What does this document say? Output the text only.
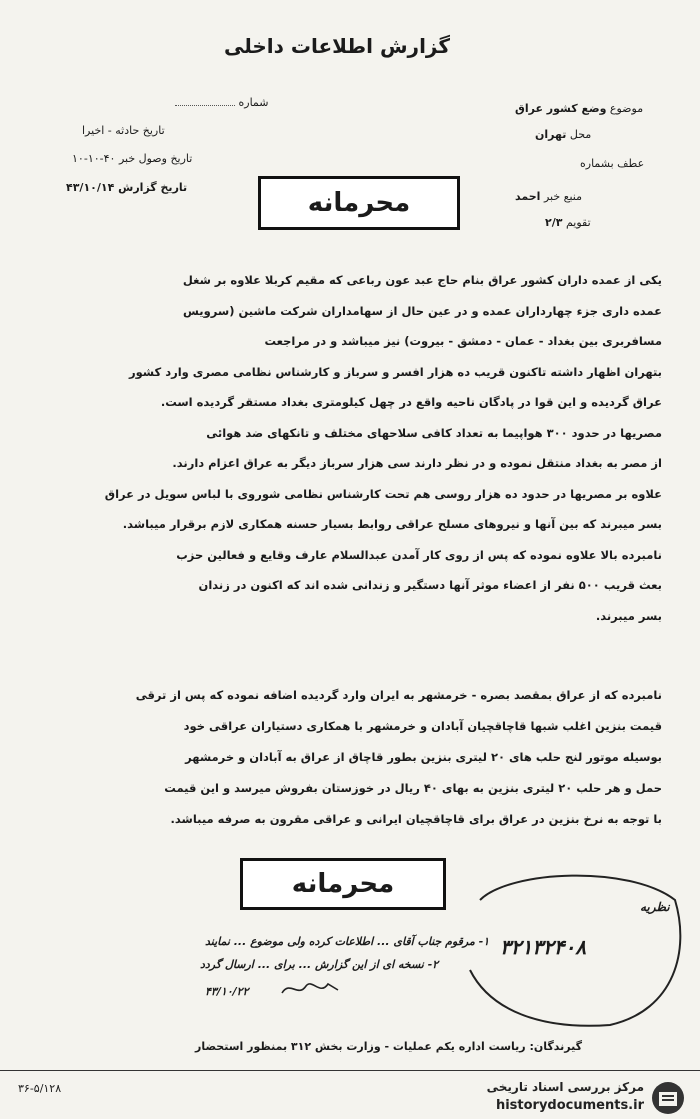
گزارش اطلاعات داخلی
شماره
تاریخ حادثه - اخیرا
تاریخ وصول خبر ۴۰-۱۰-۱۰
تاریخ گزارش ۴۳/۱۰/۱۴
موضوع وضع کشور عراق
محل تهران
عطف بشماره
منبع خبر احمد
تقویم ۲/۳
محرمانه

یکی از عمده داران کشور عراق بنام حاج عبد عون رباعی که مقیم کربلا علاوه بر شغل

عمده داری جزء چهارداران عمده و در عین حال از سهامداران شرکت ماشین (سرویس

مسافربری بین بغداد - عمان - دمشق - بیروت) نیز میباشد و در مراجعت

بتهران اظهار داشته تاکنون قریب ده هزار افسر و سرباز و کارشناس نظامی مصری وارد کشور

عراق گردیده و این قوا در پادگان ناحیه واقع در چهل کیلومتری بغداد مستقر گردیده است.

مصریها در حدود ۳۰۰ هواپیما به تعداد کافی سلاحهای مختلف و تانکهای ضد هوائی

از مصر به بغداد منتقل نموده و در نظر دارند سی هزار سرباز دیگر به عراق اعزام دارند.

علاوه بر مصریها در حدود ده هزار روسی هم تحت کارشناس نظامی شوروی با لباس سویل در عراق

بسر میبرند که بین آنها و نیروهای مسلح عراقی روابط بسیار حسنه همکاری لازم برقرار میباشد.

نامبرده بالا علاوه نموده که پس از روی کار آمدن عبدالسلام عارف وقایع و فعالین حزب

بعث قریب ۵۰۰ نفر از اعضاء موثر آنها دستگیر و زندانی شده اند که اکنون در زندان

بسر میبرند.

نامبرده که از عراق بمقصد بصره - خرمشهر به ایران وارد گردیده اضافه نموده که پس از ترقی

قیمت بنزین اغلب شبها قاچاقچیان آبادان و خرمشهر با همکاری دستیاران عراقی خود

بوسیله موتور لنج حلب های ۲۰ لیتری بنزین بطور قاچاق از عراق به آبادان و خرمشهر

حمل و هر حلب ۲۰ لیتری بنزین به بهای ۴۰ ریال در خوزستان بفروش میرسد و این قیمت

با توجه به نرخ بنزین در عراق برای قاچاقچیان ایرانی و عراقی مقرون به صرفه میباشد.

محرمانه
۳۲۱۳۲۴۰۸
نظریه
۱- مرقوم جناب آقای ... اطلاعات کرده ولی موضوع ... نمایند
۲- نسخه ای از این گزارش ... برای ... ارسال گردد
۴۳/۱۰/۲۲
گیرندگان: ریاست اداره یکم عملیات - وزارت بخش ۳۱۲ بمنظور استحضار
۳۶-۵/۱۲۸	مرکز بررسی اسناد تاریخی
historydocuments.ir
